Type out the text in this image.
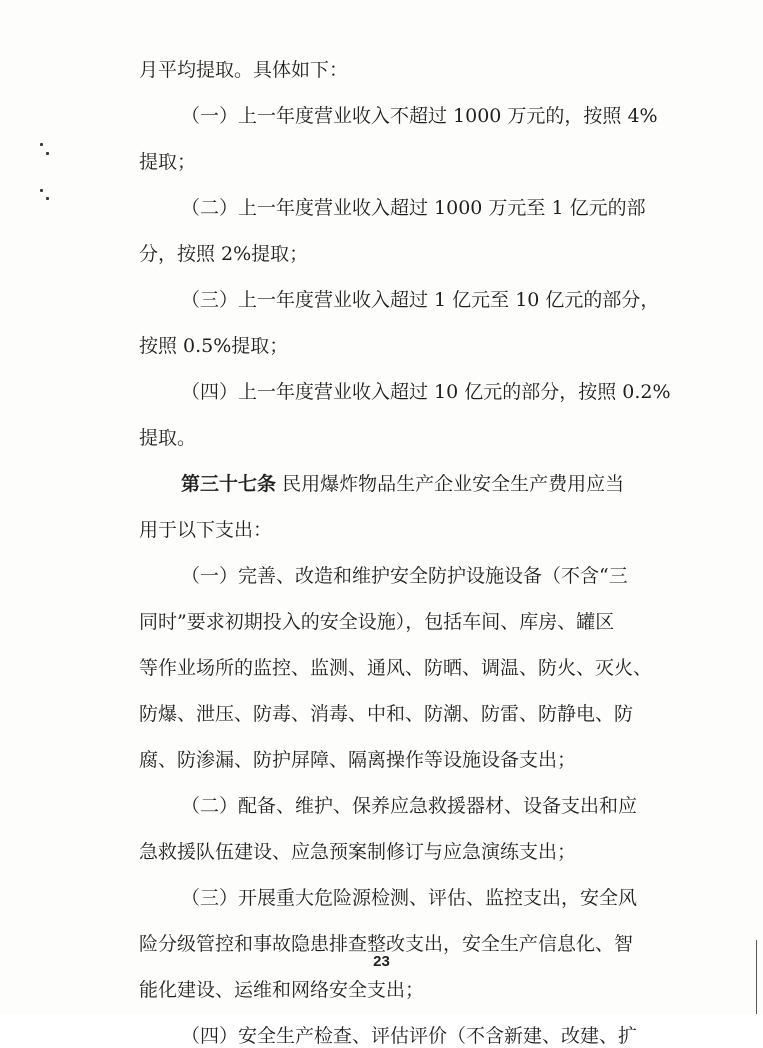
月平均提取。具体如下：
（一）上一年度营业收入不超过 1000 万元的，按照 4%
提取；
（二）上一年度营业收入超过 1000 万元至 1 亿元的部
分，按照 2%提取；
（三）上一年度营业收入超过 1 亿元至 10 亿元的部分，
按照 0.5%提取；
（四）上一年度营业收入超过 10 亿元的部分，按照 0.2%
提取。
第三十七条 民用爆炸物品生产企业安全生产费用应当
用于以下支出：
（一）完善、改造和维护安全防护设施设备（不含“三
同时”要求初期投入的安全设施），包括车间、库房、罐区
等作业场所的监控、监测、通风、防晒、调温、防火、灭火、
防爆、泄压、防毒、消毒、中和、防潮、防雷、防静电、防
腐、防渗漏、防护屏障、隔离操作等设施设备支出；
（二）配备、维护、保养应急救援器材、设备支出和应
急救援队伍建设、应急预案制修订与应急演练支出；
（三）开展重大危险源检测、评估、监控支出，安全风
23
险分级管控和事故隐患排查整改支出，安全生产信息化、智
能化建设、运维和网络安全支出；
（四）安全生产检查、评估评价（不含新建、改建、扩
